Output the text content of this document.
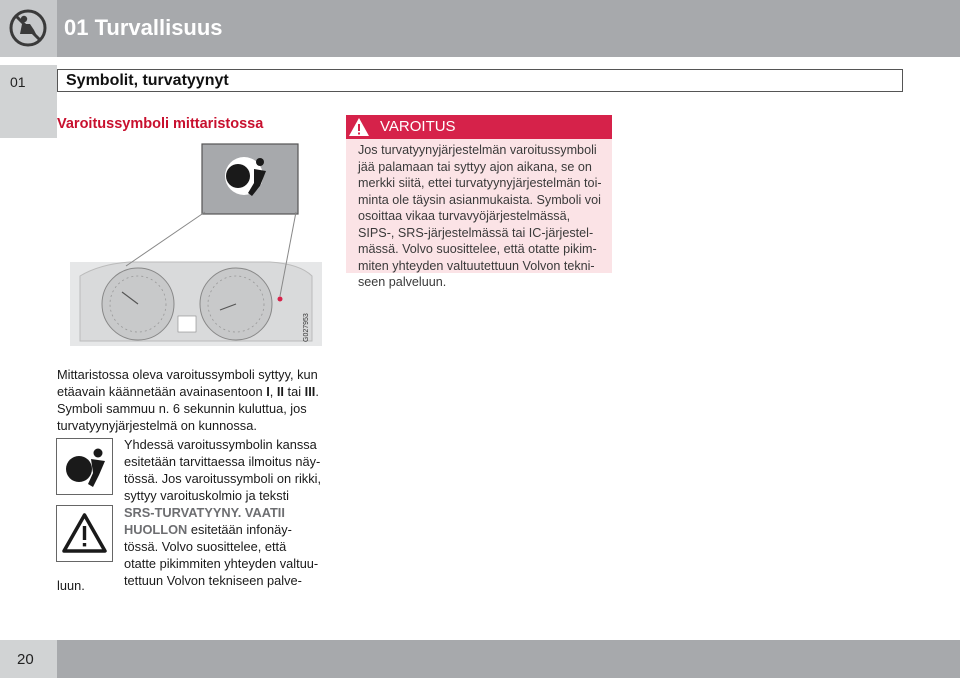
01 Turvallisuus
01	Symbolit, turvatyynyt
Varoitussymboli mittaristossa
G027953
VAROITUS

Jos turvatyynyjärjestelmän varoitussymboli
jää palamaan tai syttyy ajon aikana, se on
merkki siitä, ettei turvatyynyjärjestelmän toi-
minta ole täysin asianmukaista. Symboli voi
osoittaa vikaa turvavyöjärjestelmässä,
SIPS-, SRS-järjestelmässä tai IC-järjestel-
mässä. Volvo suosittelee, että otatte pikim-
miten yhteyden valtuutettuun Volvon tekni-
seen palveluun.

Mittaristossa oleva varoitussymboli syttyy, kun
etäavain käännetään avainasentoon I, II tai III.
Symboli sammuu n. 6 sekunnin kuluttua, jos
turvatyynyjärjestelmä on kunnossa.

Yhdessä varoitussymbolin kanssa
esitetään tarvittaessa ilmoitus näy-
tössä. Jos varoitussymboli on rikki,
syttyy varoituskolmio ja teksti
SRS-TURVATYYNY. VAATII
HUOLLON esitetään infonäy-
tössä. Volvo suosittelee, että
otatte pikimmiten yhteyden valtuu-
tettuun Volvon tekniseen palve-

luun.

20
